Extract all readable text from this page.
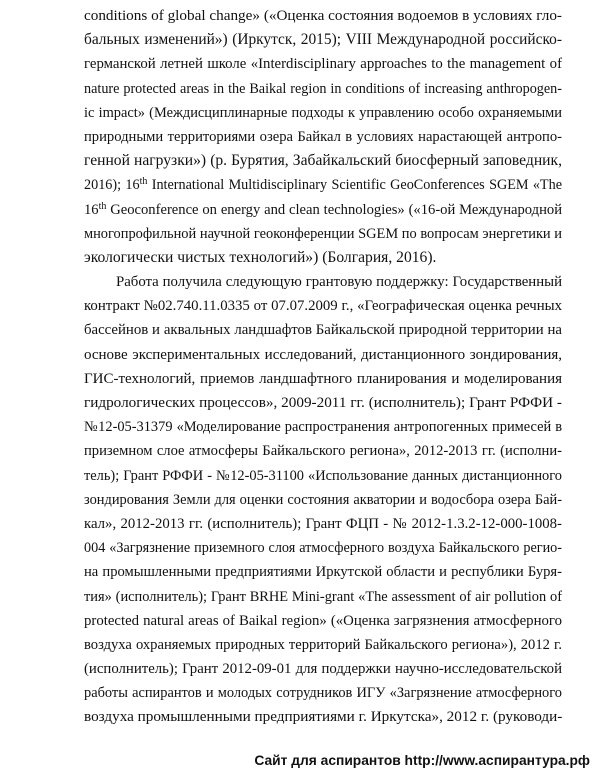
conditions of global change» («Оценка состояния водоемов в условиях гло-
бальных изменений») (Иркутск, 2015); VIII Международной российско-
германской летней школе «Interdisciplinary approaches to the management of
nature protected areas in the Baikal region in conditions of increasing anthropogen-
ic impact» (Междисциплинарные подходы к управлению особо охраняемыми
природными территориями озера Байкал в условиях нарастающей антропо-
генной нагрузки») (р. Бурятия, Забайкальский биосферный заповедник,
2016); 16th International Multidisciplinary Scientific GeoConferences SGEM «The
16th Geoconference on energy and clean technologies» («16-ой Международной
многопрофильной научной геоконференции SGEM по вопросам энергетики и
экологически чистых технологий») (Болгария, 2016).
Работа получила следующую грантовую поддержку: Государственный
контракт №02.740.11.0335 от 07.07.2009 г., «Географическая оценка речных
бассейнов и аквальных ландшафтов Байкальской природной территории на
основе экспериментальных исследований, дистанционного зондирования,
ГИС-технологий, приемов ландшафтного планирования и моделирования
гидрологических процессов», 2009-2011 гг. (исполнитель); Грант РФФИ -
№12-05-31379 «Моделирование распространения антропогенных примесей в
приземном слое атмосферы Байкальского региона», 2012-2013 гг. (исполни-
тель); Грант РФФИ - №12-05-31100 «Использование данных дистанционного
зондирования Земли для оценки состояния акватории и водосбора озера Бай-
кал», 2012-2013 гг. (исполнитель); Грант ФЦП - № 2012-1.3.2-12-000-1008-
004 «Загрязнение приземного слоя атмосферного воздуха Байкальского регио-
на промышленными предприятиями Иркутской области и республики Буря-
тия» (исполнитель); Грант BRHE Mini-grant «The assessment of air pollution of
protected natural areas of Baikal region» («Оценка загрязнения атмосферного
воздуха охраняемых природных территорий Байкальского региона»), 2012 г.
(исполнитель); Грант 2012-09-01 для поддержки научно-исследовательской
работы аспирантов и молодых сотрудников ИГУ «Загрязнение атмосферного
воздуха промышленными предприятиями г. Иркутска», 2012 г. (руководи-
Сайт для аспирантов http://www.аспирантура.рф
